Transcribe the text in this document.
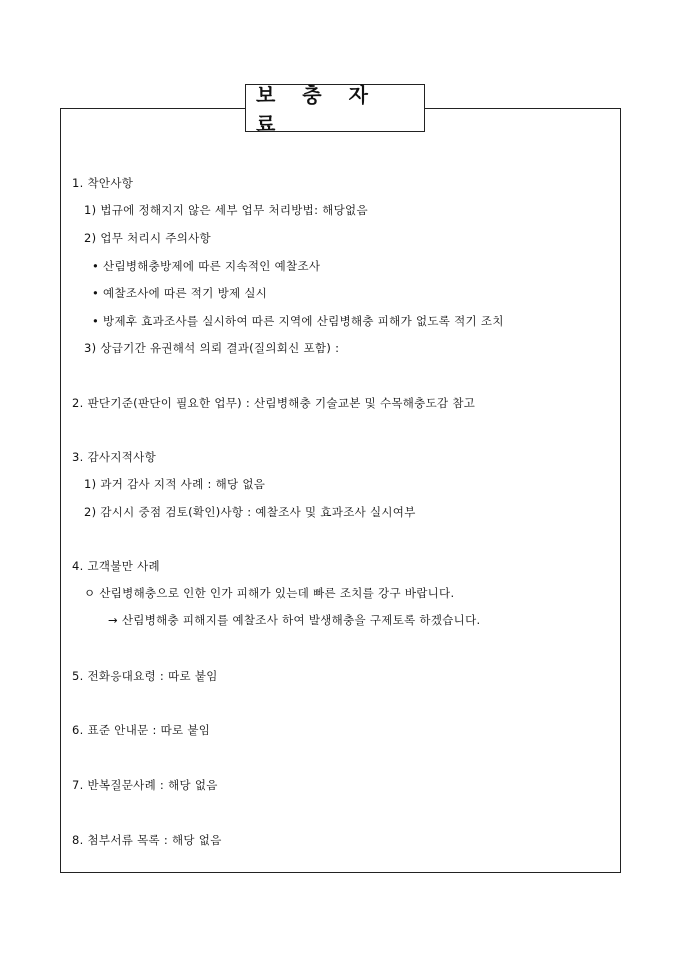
보 충 자 료
1. 착안사항
1) 법규에 정해지지 않은 세부 업무 처리방법: 해당없음
2) 업무 처리시 주의사항
• 산림병해충방제에 따른 지속적인 예찰조사
• 예찰조사에 따른 적기 방제 실시
• 방제후 효과조사를 실시하여 따른 지역에 산림병해충 피해가 없도록 적기 조치
3) 상급기간 유권해석 의뢰 결과(질의회신 포함) :
2. 판단기준(판단이 필요한 업무) : 산림병해충 기술교본 및 수목해충도감 참고
3. 감사지적사항
1) 과거 감사 지적 사례 : 해당 없음
2) 감시시 중점 검토(확인)사항 : 예찰조사 및 효과조사 실시여부
4. 고객불만 사례
ㅇ 산림병해충으로 인한 인가 피해가 있는데 빠른 조치를 강구 바랍니다.
→ 산림병해충 피해지를 예찰조사 하여 발생해충을 구제토록 하겠습니다.
5. 전화응대요령 : 따로 붙임
6. 표준 안내문 : 따로 붙임
7. 반복질문사례 : 해당 없음
8. 첨부서류 목록 : 해당 없음
